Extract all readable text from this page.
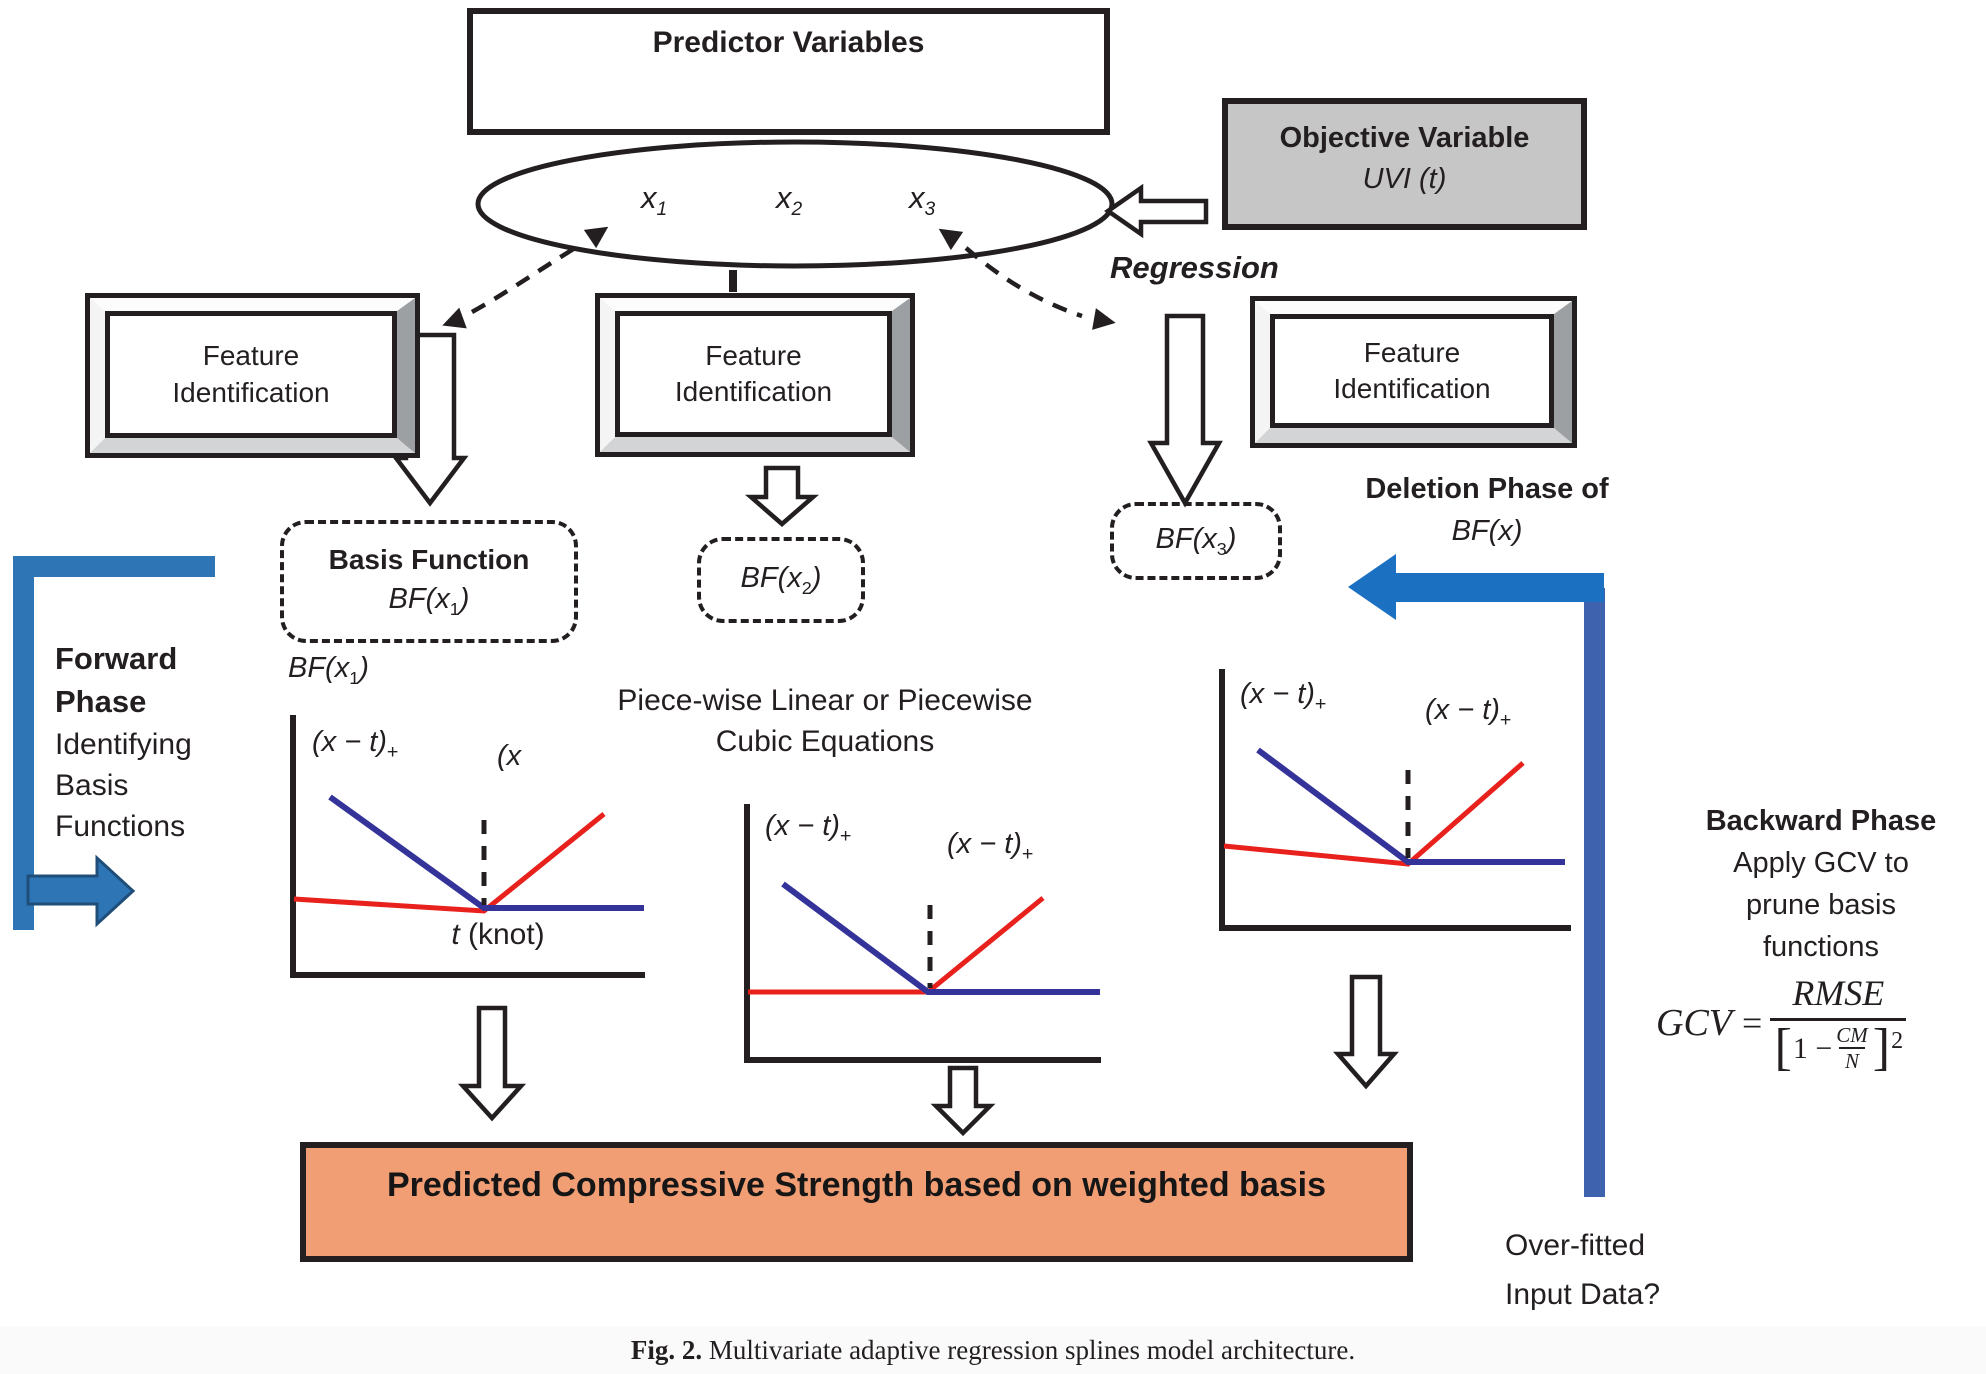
Predictor Variables
$x_1$	$x_2$	$x_3$
Objective Variable
UVI (t)
Regression
Feature
Identification
Feature
Identification
Feature
Identification
Basis Function
$BF(x_1)$
$BF(x_2)$
$BF(x_3)$
$BF(x_1)$
Forward
Phase
Identifying
Basis Functions
Deletion Phase of
BF(x)
Piece-wise Linear or Piecewise
Cubic Equations
$(x - t)_+$	(x
$(x - t)_+$	$(x - t)_+$
$(x - t)_+$	$(x - t)_+$
t (knot)
Backward Phase
Apply GCV to
prune basis
functions
GCV = $\frac{\text{RMSE}}{[ 1 - \frac{CM}{N} ]^2}$
Predicted Compressive Strength based on weighted basis
Over-fitted
Input Data?
Fig. 2. Multivariate adaptive regression splines model architecture.
